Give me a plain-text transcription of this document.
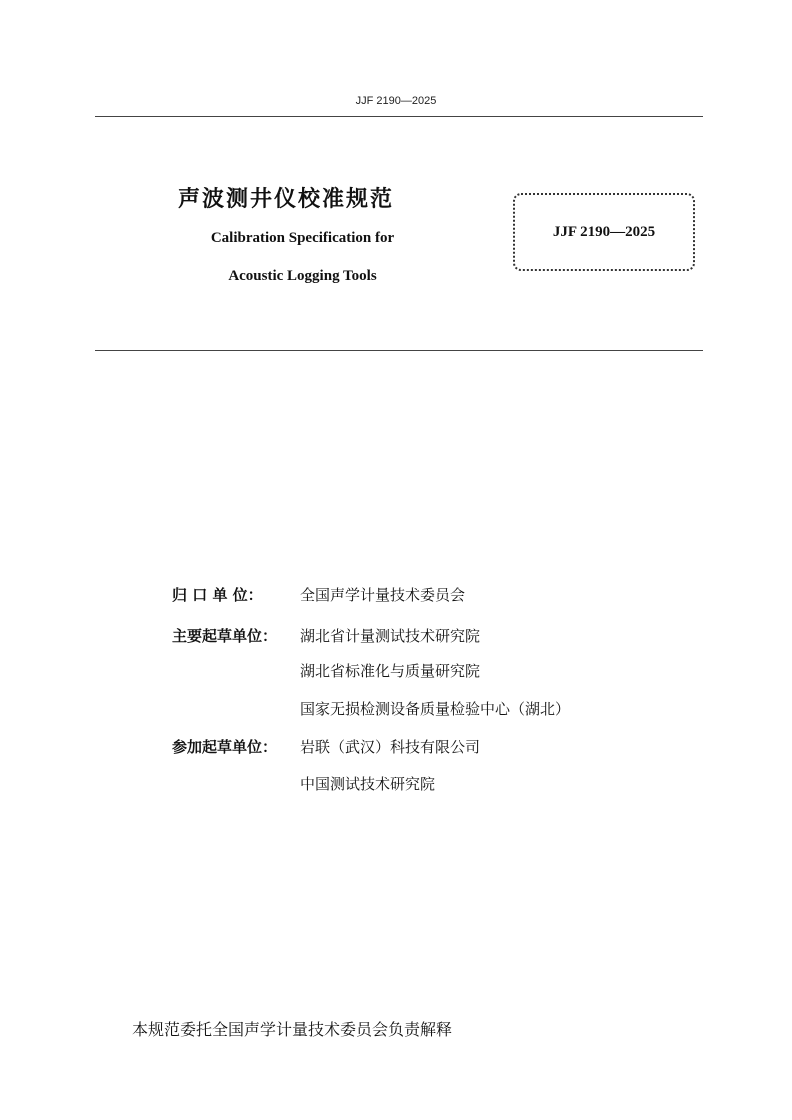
JJF 2190—2025
声波测井仪校准规范
Calibration Specification for
Acoustic Logging Tools
JJF 2190—2025
归 口 单 位：	全国声学计量技术委员会
主要起草单位：	湖北省计量测试技术研究院
湖北省标准化与质量研究院
国家无损检测设备质量检验中心（湖北）
参加起草单位：	岩联（武汉）科技有限公司
中国测试技术研究院
本规范委托全国声学计量技术委员会负责解释
